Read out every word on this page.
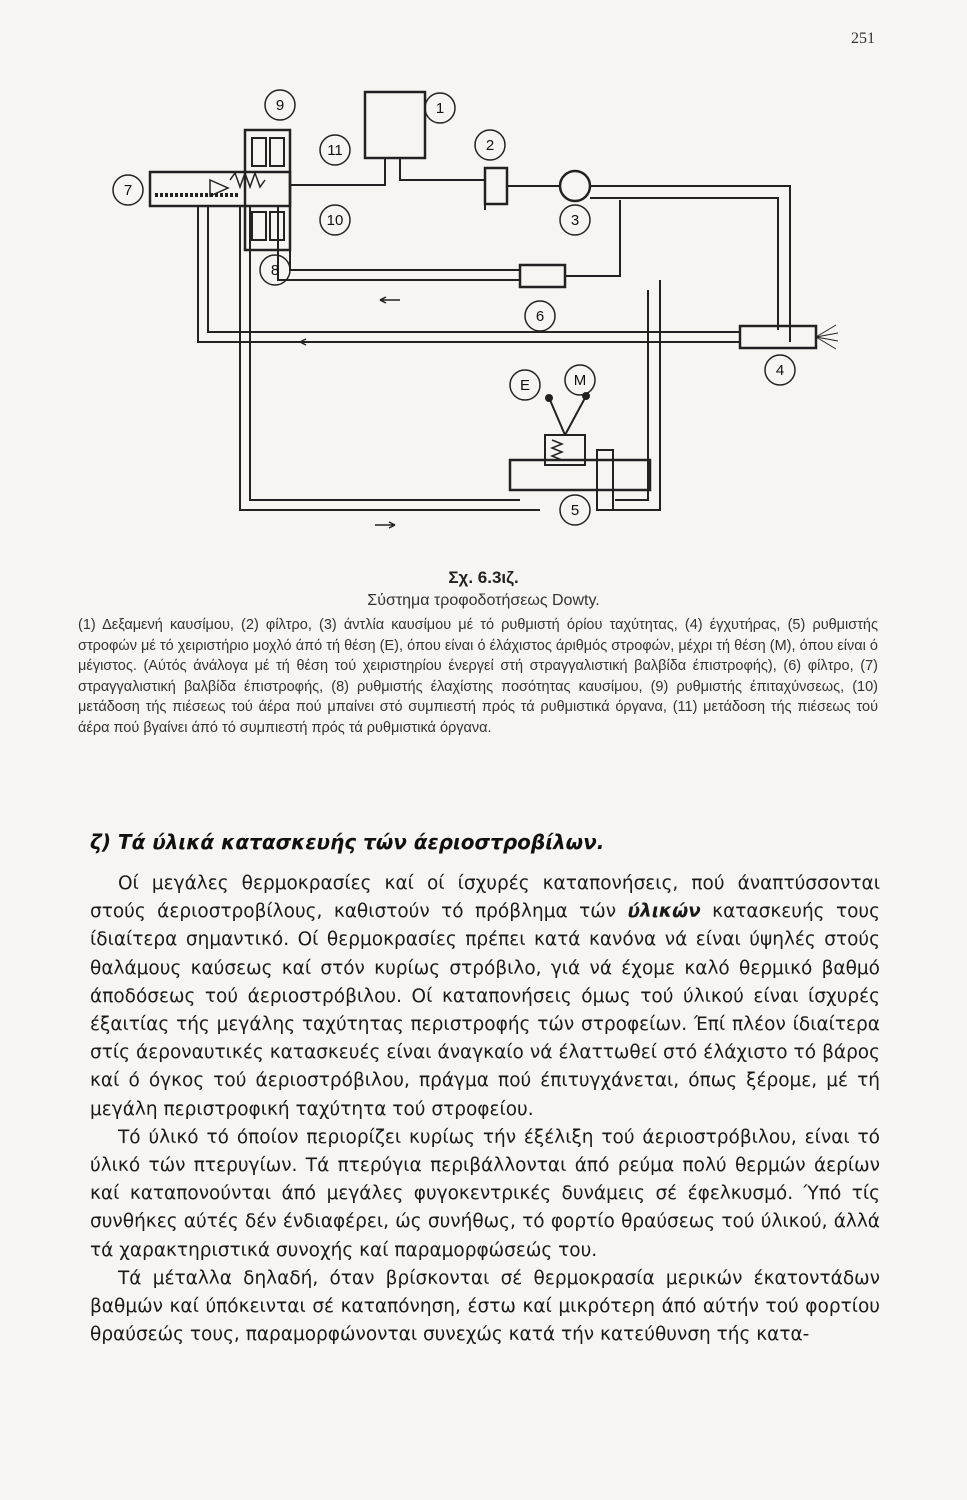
251
9	1
2
3
4
5
6
7
8
10
11
E	M
Σχ. 6.3ιζ.
Σύστημα τροφοδοτήσεως Dowty.
(1) Δεξαμενή καυσίμου, (2) φίλτρο, (3) άντλία καυσίμου μέ τό ρυθμιστή όρίου ταχύτητας, (4) έγχυτήρας, (5) ρυθμιστής στροφών μέ τό χειριστήριο μοχλό άπό τή θέση (Ε), όπου είναι ό έλάχιστος άριθμός στροφών, μέχρι τή θέση (Μ), όπου είναι ό μέγιστος. (Αύτός άνάλογα μέ τή θέση τού χειριστηρίου ένεργεί στή στραγγαλιστική βαλβίδα έπιστροφής), (6) φίλτρο, (7) στραγγαλιστική βαλβίδα έπιστροφής, (8) ρυθμιστής έλαχίστης ποσότητας καυσίμου, (9) ρυθμιστής έπιταχύνσεως, (10) μετάδοση τής πιέσεως τού άέρα πού μπαίνει στό συμπιεστή πρός τά ρυθμιστικά όργανα, (11) μετάδοση τής πιέσεως τού άέρα πού βγαίνει άπό τό συμπιεστή πρός τά ρυθμιστικά όργανα.
ζ) Τά ύλικά κατασκευής τών άεριοστροβίλων.

Οί μεγάλες θερμοκρασίες καί οί ίσχυρές καταπονήσεις, πού άναπτύσσονται στούς άεριοστροβίλους, καθιστούν τό πρόβλημα τών ύλικών κατασκευής τους ίδιαίτερα σημαντικό. Οί θερμοκρασίες πρέπει κατά κανόνα νά είναι ύψηλές στούς θαλάμους καύσεως καί στόν κυρίως στρόβιλο, γιά νά έχομε καλό θερμικό βαθμό άποδόσεως τού άεριοστρόβιλου. Οί καταπονήσεις όμως τού ύλικού είναι ίσχυρές έξαιτίας τής μεγάλης ταχύτητας περιστροφής τών στροφείων. Έπί πλέον ίδιαίτερα στίς άεροναυτικές κατασκευές είναι άναγκαίο νά έλαττωθεί στό έλάχιστο τό βάρος καί ό όγκος τού άεριοστρόβιλου, πράγμα πού έπιτυγχάνεται, όπως ξέρομε, μέ τή μεγάλη περιστροφική ταχύτητα τού στροφείου.

Τό ύλικό τό όποίον περιορίζει κυρίως τήν έξέλιξη τού άεριοστρόβιλου, είναι τό ύλικό τών πτερυγίων. Τά πτερύγια περιβάλλονται άπό ρεύμα πολύ θερμών άερίων καί καταπονούνται άπό μεγάλες φυγοκεντρικές δυνάμεις σέ έφελκυσμό. Ύπό τίς συνθήκες αύτές δέν ένδιαφέρει, ώς συνήθως, τό φορτίο θραύσεως τού ύλικού, άλλά τά χαρακτηριστικά συνοχής καί παραμορφώσεώς του.

Τά μέταλλα δηλαδή, όταν βρίσκονται σέ θερμοκρασία μερικών έκατοντάδων βαθμών καί ύπόκεινται σέ καταπόνηση, έστω καί μικρότερη άπό αύτήν τού φορτίου θραύσεώς τους, παραμορφώνονται συνεχώς κατά τήν κατεύθυνση τής κατα-
